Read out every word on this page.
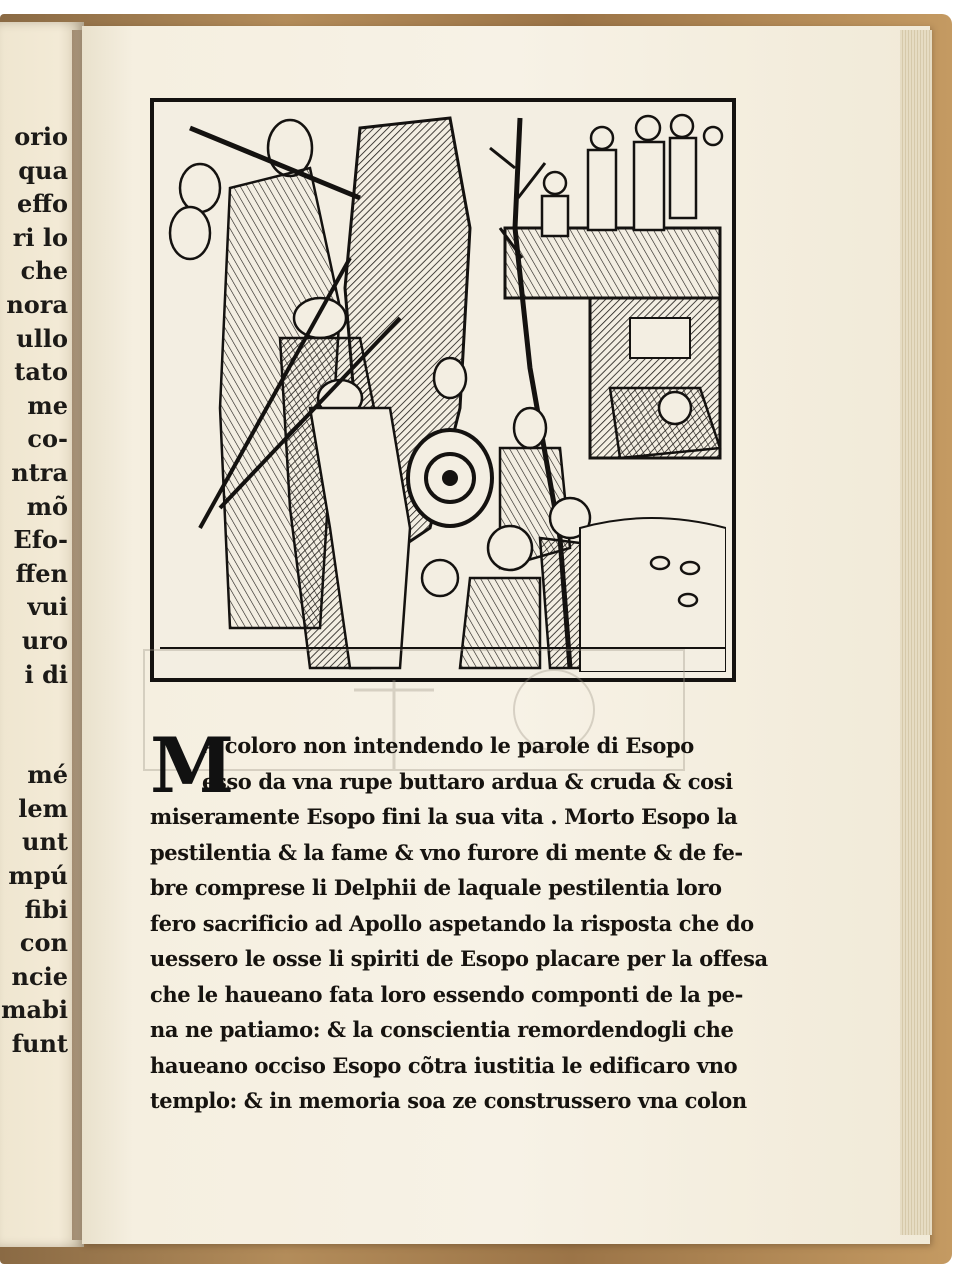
orio
qua
effo
ri lo
che
nora
ullo
tato
me
co‑
ntra
mõ
Efo‑
ffen
vui
uro
i di
mé
lem
unt
mpú
fibi
con
ncie
mabi
funt
M
A coloro non intendendo le parole di Esopo
esso da vna rupe buttaro ardua & cruda & cosi
miseramente Esopo fini la sua vita . Morto Esopo la
pestilentia & la fame & vno furore di mente & de fe‑
bre comprese li Delphii de laquale pestilentia loro
fero sacrificio ad Apollo aspetando la risposta che do
uessero le osse li spiriti de Esopo placare per la offesa
che le haueano fata loro essendo componti de la pe‑
na ne patiamo: & la conscientia remordendogli che
haueano occiso Esopo cõtra iustitia le edificaro vno
templo: & in memoria soa ze construssero vna colon
